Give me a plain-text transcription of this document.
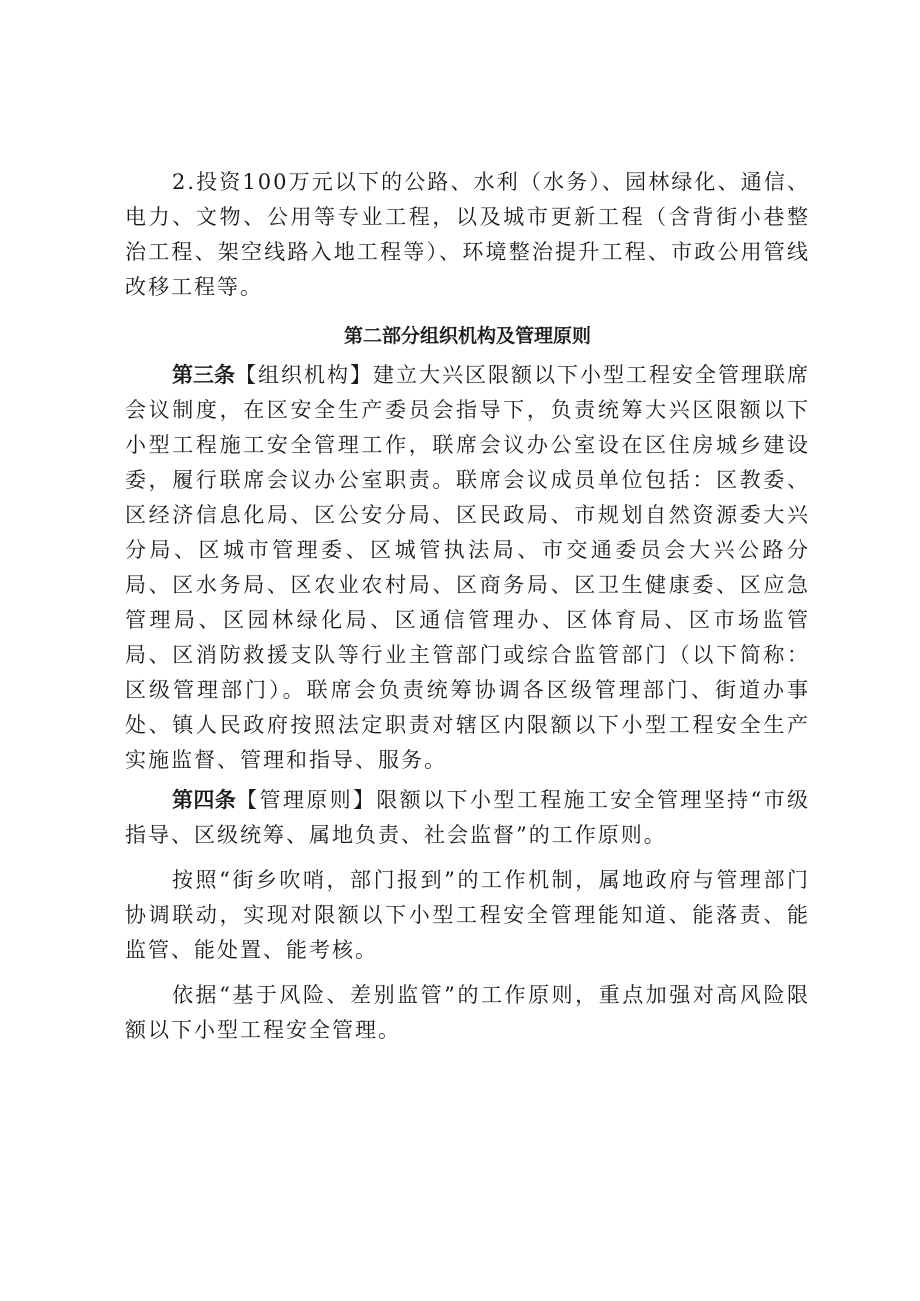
2.投资100万元以下的公路、水利（水务）、园林绿化、通信、电力、文物、公用等专业工程，以及城市更新工程（含背街小巷整治工程、架空线路入地工程等）、环境整治提升工程、市政公用管线改移工程等。

第二部分组织机构及管理原则

第三条【组织机构】建立大兴区限额以下小型工程安全管理联席会议制度，在区安全生产委员会指导下，负责统筹大兴区限额以下小型工程施工安全管理工作，联席会议办公室设在区住房城乡建设委，履行联席会议办公室职责。联席会议成员单位包括：区教委、区经济信息化局、区公安分局、区民政局、市规划自然资源委大兴分局、区城市管理委、区城管执法局、市交通委员会大兴公路分局、区水务局、区农业农村局、区商务局、区卫生健康委、区应急管理局、区园林绿化局、区通信管理办、区体育局、区市场监管局、区消防救援支队等行业主管部门或综合监管部门（以下简称：区级管理部门）。联席会负责统筹协调各区级管理部门、街道办事处、镇人民政府按照法定职责对辖区内限额以下小型工程安全生产实施监督、管理和指导、服务。

第四条【管理原则】限额以下小型工程施工安全管理坚持“市级指导、区级统筹、属地负责、社会监督”的工作原则。

按照“街乡吹哨，部门报到”的工作机制，属地政府与管理部门协调联动，实现对限额以下小型工程安全管理能知道、能落责、能监管、能处置、能考核。

依据“基于风险、差别监管”的工作原则，重点加强对高风险限额以下小型工程安全管理。
